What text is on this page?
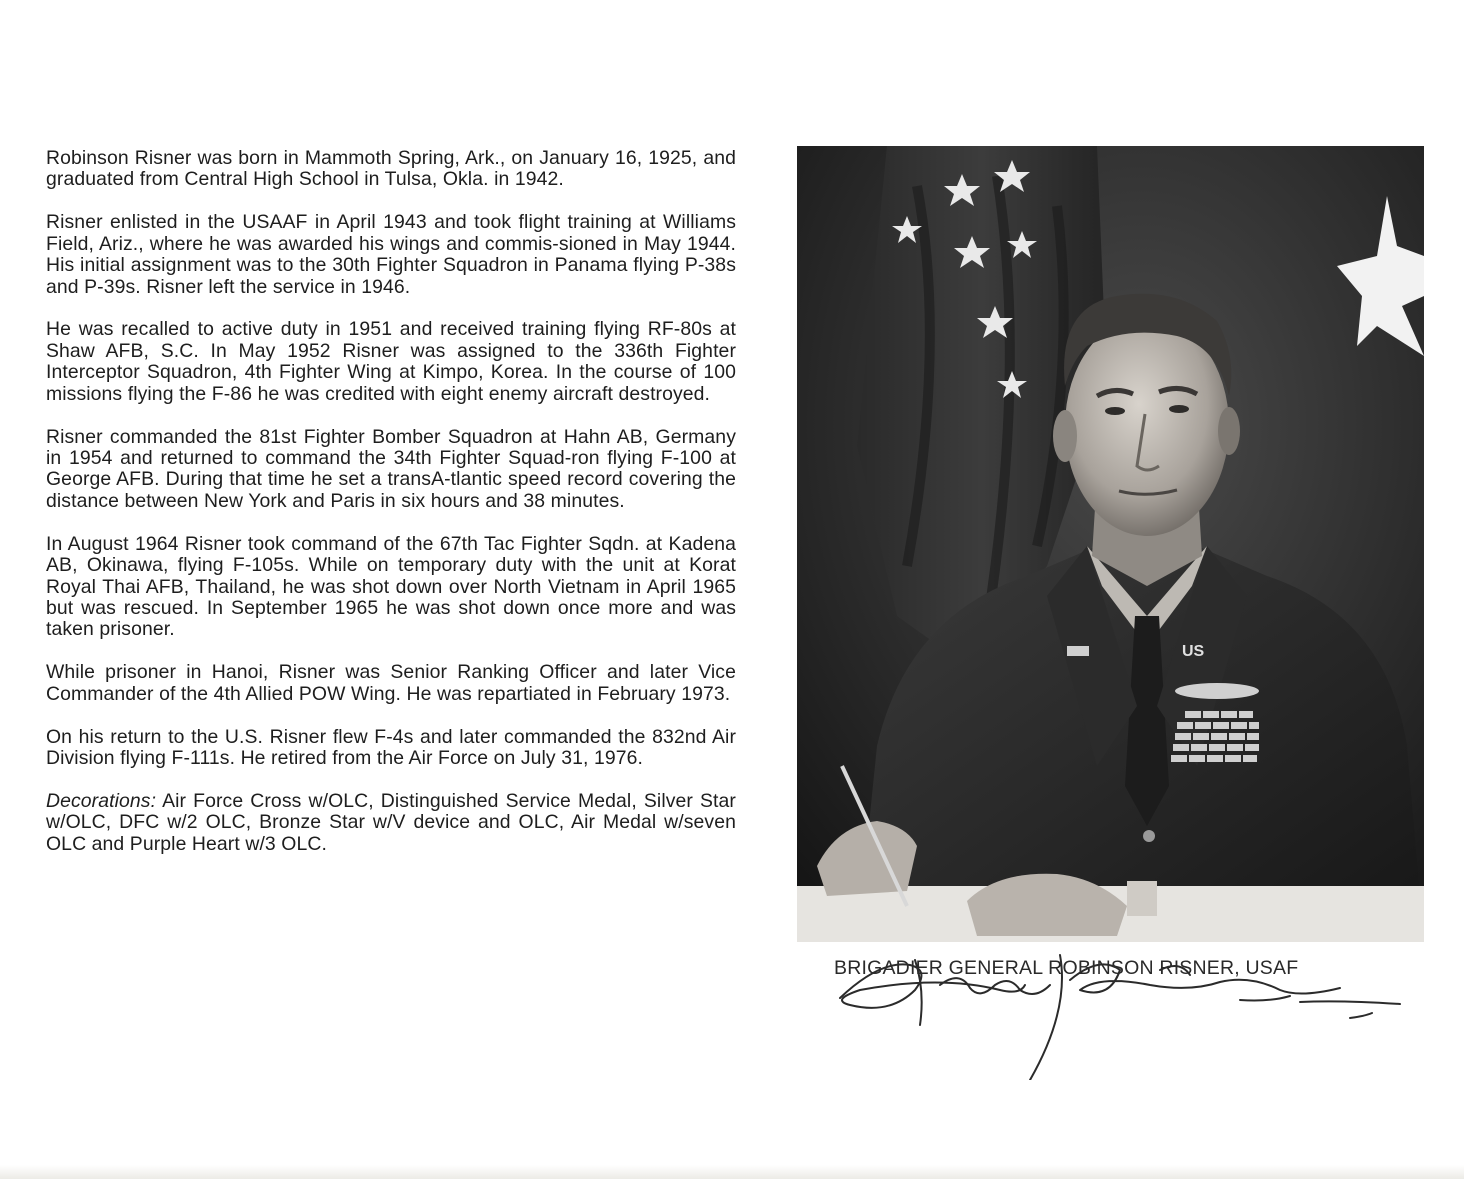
Robinson Risner was born in Mammoth Spring, Ark., on January 16, 1925, and graduated from Central High School in Tulsa, Okla. in 1942.

Risner enlisted in the USAAF in April 1943 and took flight training at Williams Field, Ariz., where he was awarded his wings and commis-sioned in May 1944. His initial assignment was to the 30th Fighter Squadron in Panama flying P-38s and P-39s. Risner left the service in 1946.

He was recalled to active duty in 1951 and received training flying RF-80s at Shaw AFB, S.C. In May 1952 Risner was assigned to the 336th Fighter Interceptor Squadron, 4th Fighter Wing at Kimpo, Korea. In the course of 100 missions flying the F-86 he was credited with eight enemy aircraft destroyed.

Risner commanded the 81st Fighter Bomber Squadron at Hahn AB, Germany in 1954 and returned to command the 34th Fighter Squad-ron flying F-100 at George AFB. During that time he set a transA-tlantic speed record covering the distance between New York and Paris in six hours and 38 minutes.

In August 1964 Risner took command of the 67th Tac Fighter Sqdn. at Kadena AB, Okinawa, flying F-105s. While on temporary duty with the unit at Korat Royal Thai AFB, Thailand, he was shot down over North Vietnam in April 1965 but was rescued. In September 1965 he was shot down once more and was taken prisoner.

While prisoner in Hanoi, Risner was Senior Ranking Officer and later Vice Commander of the 4th Allied POW Wing. He was repartiated in February 1973.

On his return to the U.S. Risner flew F-4s and later commanded the 832nd Air Division flying F-111s. He retired from the Air Force on July 31, 1976.

Decorations: Air Force Cross w/OLC, Distinguished Service Medal, Silver Star w/OLC, DFC w/2 OLC, Bronze Star w/V device and OLC, Air Medal w/seven OLC and Purple Heart w/3 OLC.

US
BRIGADIER GENERAL ROBINSON RISNER, USAF
